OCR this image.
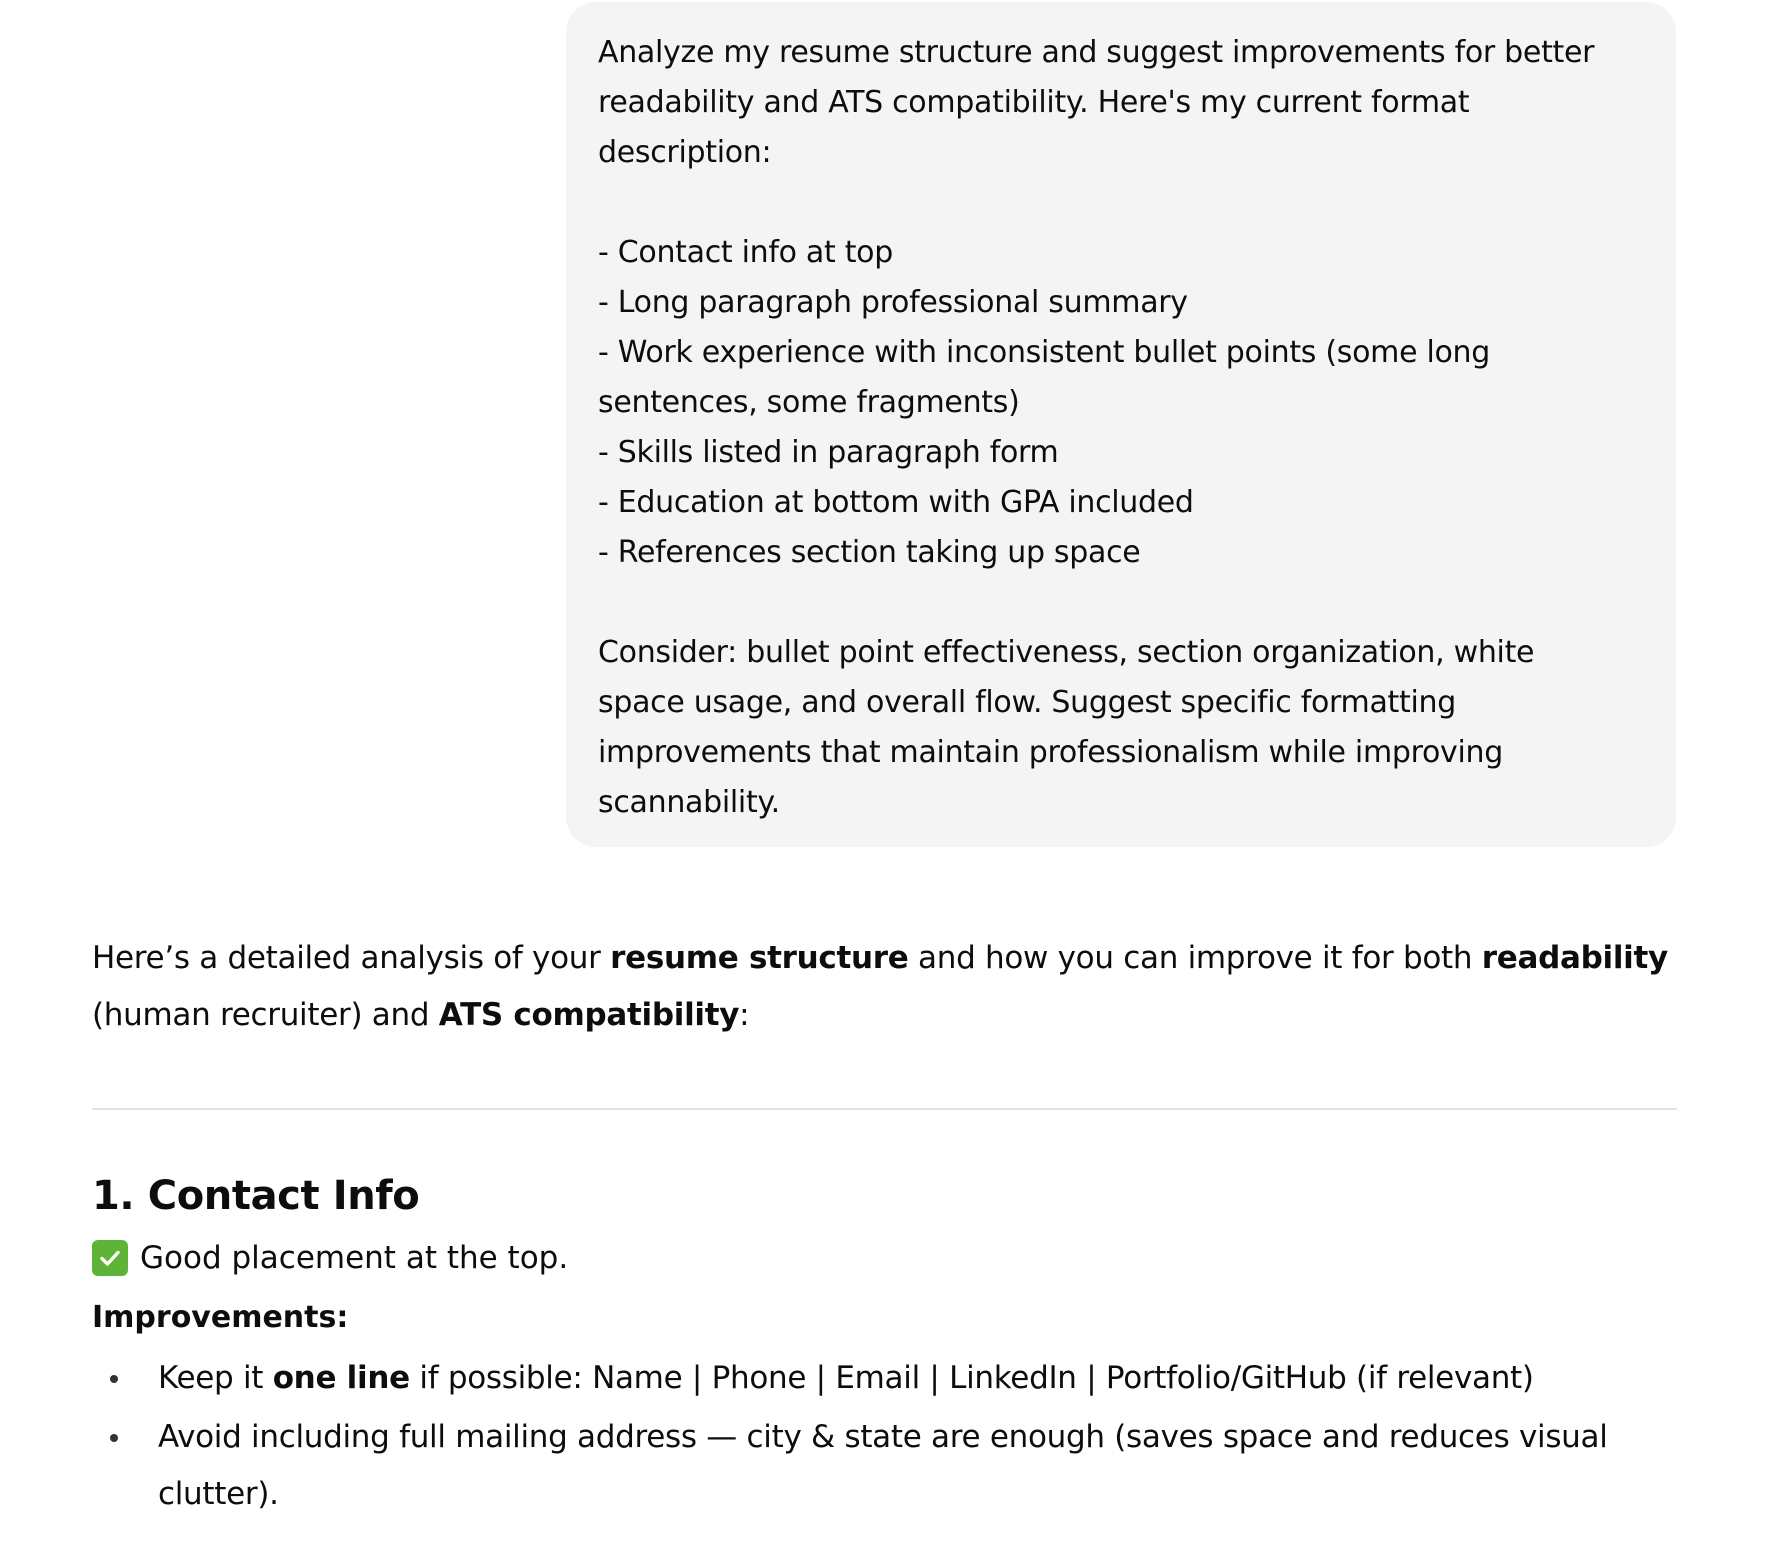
Analyze my resume structure and suggest improvements for better

readability and ATS compatibility. Here's my current format

description:

- Contact info at top

- Long paragraph professional summary

- Work experience with inconsistent bullet points (some long

sentences, some fragments)

- Skills listed in paragraph form

- Education at bottom with GPA included

- References section taking up space

Consider: bullet point effectiveness, section organization, white

space usage, and overall flow. Suggest specific formatting

improvements that maintain professionalism while improving

scannability.

Here’s a detailed analysis of your resume structure and how you can improve it for both readability
(human recruiter) and ATS compatibility:

1. Contact Info

Good placement at the top.

Improvements:

Keep it one line if possible: Name | Phone | Email | LinkedIn | Portfolio/GitHub (if relevant)
Avoid including full mailing address — city & state are enough (saves space and reduces visual
clutter).
